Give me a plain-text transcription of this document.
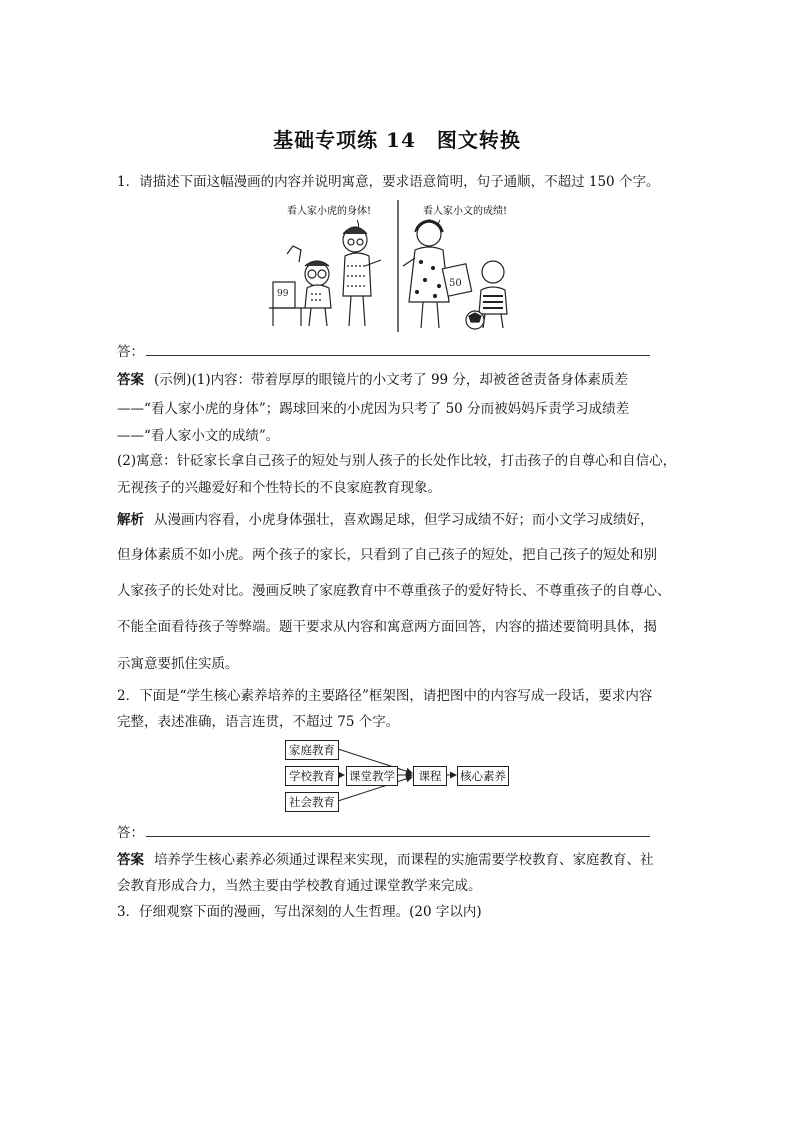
基础专项练 14　图文转换
1．请描述下面这幅漫画的内容并说明寓意，要求语意简明，句子通顺，不超过 150 个字。
看人家小虎的身体!	看人家小文的成绩!
99
50
答：
答案 (示例)(1)内容：带着厚厚的眼镜片的小文考了 99 分，却被爸爸责备身体素质差
——“看人家小虎的身体”；踢球回来的小虎因为只考了 50 分而被妈妈斥责学习成绩差
——“看人家小文的成绩”。
(2)寓意：针砭家长拿自己孩子的短处与别人孩子的长处作比较，打击孩子的自尊心和自信心，
无视孩子的兴趣爱好和个性特长的不良家庭教育现象。
解析 从漫画内容看，小虎身体强壮，喜欢踢足球，但学习成绩不好；而小文学习成绩好，
但身体素质不如小虎。两个孩子的家长，只看到了自己孩子的短处，把自己孩子的短处和别
人家孩子的长处对比。漫画反映了家庭教育中不尊重孩子的爱好特长、不尊重孩子的自尊心、
不能全面看待孩子等弊端。题干要求从内容和寓意两方面回答，内容的描述要简明具体，揭
示寓意要抓住实质。
2．下面是“学生核心素养培养的主要路径”框架图，请把图中的内容写成一段话，要求内容
完整，表述准确，语言连贯，不超过 75 个字。
家庭教育
学校教育
社会教育
课堂教学	课程	核心素养
答：
答案 培养学生核心素养必须通过课程来实现，而课程的实施需要学校教育、家庭教育、社
会教育形成合力，当然主要由学校教育通过课堂教学来完成。
3．仔细观察下面的漫画，写出深刻的人生哲理。(20 字以内)
